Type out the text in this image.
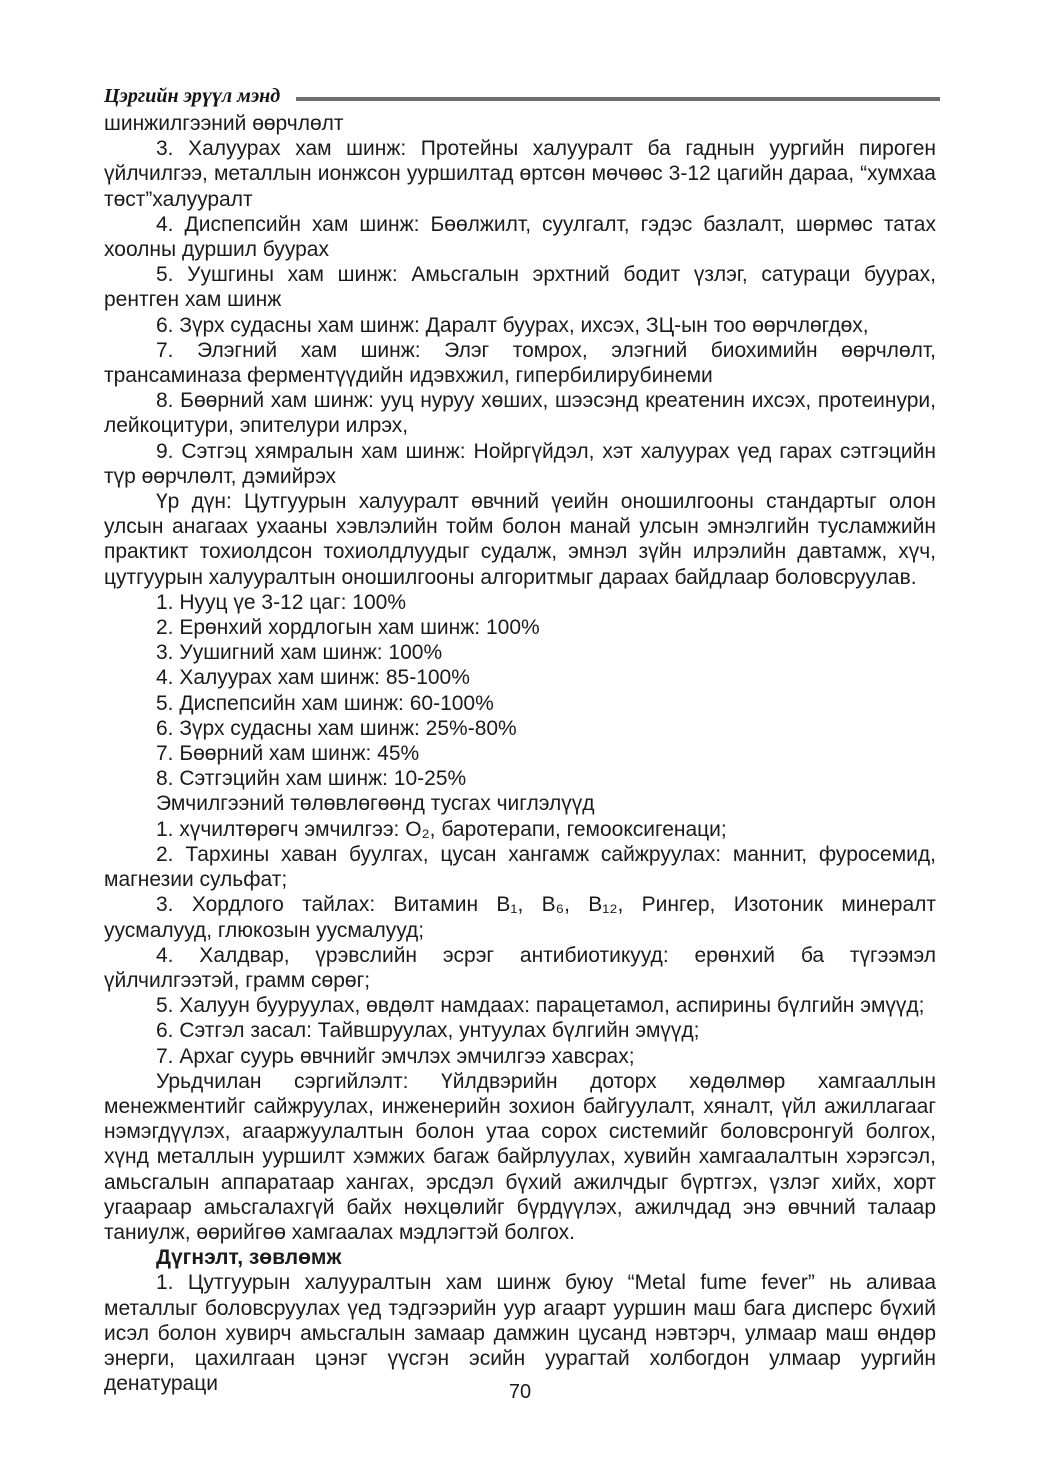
Цэргийн эрүүл мэнд

шинжилгээний өөрчлөлт

3. Халуурах хам шинж: Протейны халууралт ба гаднын уургийн пироген үйлчилгээ, металлын ионжсон ууршилтад өртсөн мөчөөс 3-12 цагийн дараа, “хумхаа төст”халууралт

4. Диспепсийн хам шинж: Бөөлжилт, суулгалт, гэдэс базлалт, шөрмөс татах хоолны дуршил буурах

5. Уушгины хам шинж: Амьсгалын эрхтний бодит үзлэг, сатураци буурах, рентген хам шинж

6. Зүрх судасны хам шинж: Даралт буурах, ихсэх, ЗЦ-ын тоо өөрчлөгдөх,

7. Элэгний хам шинж: Элэг томрох, элэгний биохимийн өөрчлөлт, трансаминаза ферментүүдийн идэвхжил, гипербилирубинеми

8. Бөөрний хам шинж: ууц нуруу хөших, шээсэнд креатенин ихсэх, протеинури, лейкоцитури, эпителури илрэх,

9. Сэтгэц хямралын хам шинж: Нойргүйдэл, хэт халуурах үед гарах сэтгэцийн түр өөрчлөлт, дэмийрэх

Үр дүн: Цутгуурын халууралт өвчний үеийн оношилгооны стандартыг олон улсын анагаах ухааны хэвлэлийн тойм болон манай улсын эмнэлгийн тусламжийн практикт тохиолдсон тохиолдлуудыг судалж, эмнэл зүйн илрэлийн давтамж, хүч, цутгуурын халууралтын оношилгооны алгоритмыг дараах байдлаар боловсруулав.

1. Нууц үе 3-12 цаг: 100%

2. Ерөнхий хордлогын хам шинж: 100%

3. Уушигний хам шинж: 100%

4. Халуурах хам шинж: 85-100%

5. Диспепсийн хам шинж: 60-100%

6. Зүрх судасны хам шинж: 25%-80%

7. Бөөрний хам шинж: 45%

8. Сэтгэцийн хам шинж: 10-25%

Эмчилгээний төлөвлөгөөнд тусгах чиглэлүүд

1. хүчилтөрөгч эмчилгээ: О₂, баротерапи, гемооксигенаци;

2. Тархины хаван буулгах, цусан хангамж сайжруулах: маннит, фуросемид, магнезии сульфат;

3. Хордлого тайлах: Витамин В₁, В₆, В₁₂, Рингер, Изотоник минералт уусмалууд, глюкозын уусмалууд;

4. Халдвар, үрэвслийн эсрэг антибиотикууд: ерөнхий ба түгээмэл үйлчилгээтэй, грамм сөрөг;

5. Халуун бууруулах, өвдөлт намдаах: парацетамол, аспирины бүлгийн эмүүд;

6. Сэтгэл засал: Тайвшруулах, унтуулах бүлгийн эмүүд;

7. Архаг суурь өвчнийг эмчлэх эмчилгээ хавсрах;

Урьдчилан сэргийлэлт: Үйлдвэрийн доторх хөдөлмөр хамгааллын менежментийг сайжруулах, инженерийн зохион байгуулалт, хяналт, үйл ажиллагааг нэмэгдүүлэх, агааржуулалтын болон утаа сорох системийг боловсронгуй болгох, хүнд металлын ууршилт хэмжих багаж байрлуулах, хувийн хамгаалалтын хэрэгсэл, амьсгалын аппаратаар хангах, эрсдэл бүхий ажилчдыг бүртгэх, үзлэг хийх, хорт угаараар амьсгалахгүй байх нөхцөлийг бүрдүүлэх, ажилчдад энэ өвчний талаар таниулж, өөрийгөө хамгаалах мэдлэгтэй болгох.

Дүгнэлт, зөвлөмж

1. Цутгуурын халууралтын хам шинж буюу “Metal fume fever” нь аливаа металлыг боловсруулах үед тэдгээрийн уур агаарт ууршин маш бага дисперс бүхий исэл болон хувирч амьсгалын замаар дамжин цусанд нэвтэрч, улмаар маш өндөр энерги, цахилгаан цэнэг үүсгэн эсийн уурагтай холбогдон улмаар уургийн денатураци	70
